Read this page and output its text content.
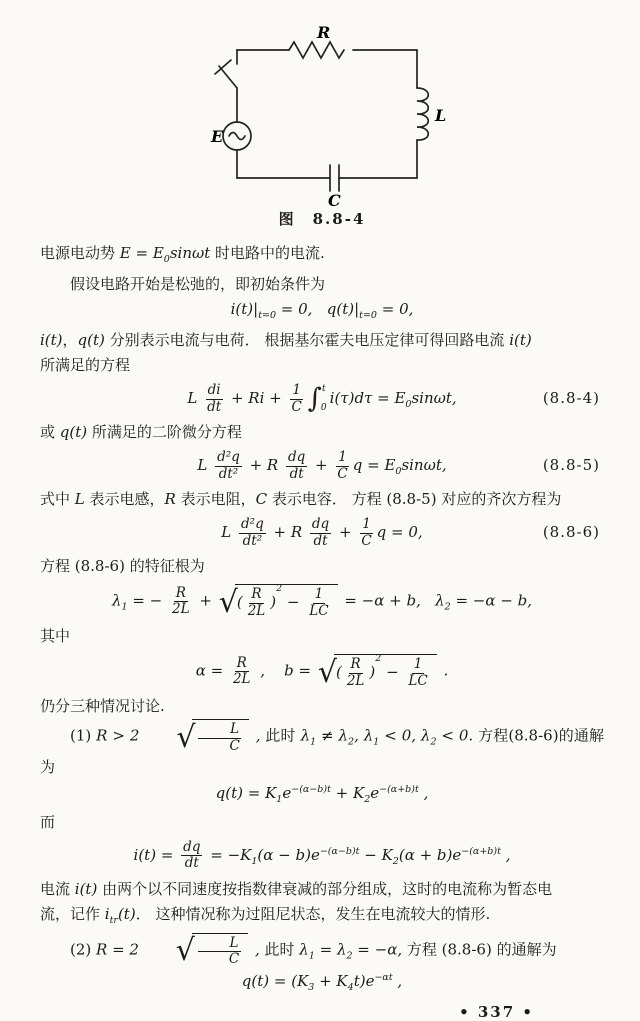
R
L
C
E
图 8.8-4
电源电动势 $E = E_0\sin\omega t$ 时电路中的电流.
假设电路开始是松弛的，即初始条件为
$i(t)|_{t=0} = 0$,   $q(t)|_{t=0} = 0$,
i(t)，q(t) 分别表示电流与电荷． 根据基尔霍夫电压定律可得回路电流 i(t)
所满足的方程
L $\frac{di}{dt} + Ri + \frac{1}{C}$ ∫ t
0
$i(\tau)d\tau = E_0\sin\omega t$,	(8.8-4)
或 q(t) 所满足的二阶微分方程
L $\frac{\text{d²q}}{\text{dt²}} + R \frac{dq}{dt} + \frac{1}{C}$ $q = E_0\sin\omega t$,	(8.8-5)
式中 L 表示电感，R 表示电阻，C 表示电容． 方程 (8.8-5) 对应的齐次方程为
L $\frac{\text{d²q}}{\text{dt²}} + R \frac{dq}{dt} + \frac{1}{C}$ q = 0,	(8.8-6)
方程 (8.8-6) 的特征根为
$\lambda_1$ = − $\frac{R}{2L}$ + √ ( $\frac{R}{2L}$ )
2
− $\frac{1}{LC} = -\alpha + b$,   $\lambda_2 = -\alpha - b$,
其中
$\alpha = \frac{R}{2L}$ ,    b = √ ( $\frac{R}{2L}$ )
2
− $\frac{1}{LC}$ .
仍分三种情况讨论.
(1) R > 2	√ $\frac{L}{C}$ , 此时 $\lambda_1 \ne \lambda_2$, $\lambda_1 < 0$, $\lambda_2 < 0$. 方程(8.8-6)的通解为
$q(t) = K_1e^{-(\alpha-b)t} + K_2e^{-(\alpha+b)t}$ ,
而
$i(t) = \frac{dq}{dt} = -K_1(\alpha - b)e^{-(\alpha-b)t} - K_2(\alpha + b)e^{-(\alpha+b)t}$ ,
电流 i(t) 由两个以不同速度按指数律衰减的部分组成，这时的电流称为暂态电
流，记作 $i_{tr}(t)$． 这种情况称为过阻尼状态，发生在电流较大的情形.
(2) R = 2	√ $\frac{L}{C}$ , 此时 $\lambda_1 = \lambda_2 = -\alpha$, 方程 (8.8-6) 的通解为
$q(t) = (K_3 + K_4t)e^{-\alpha t}$ ,
• 337 •
